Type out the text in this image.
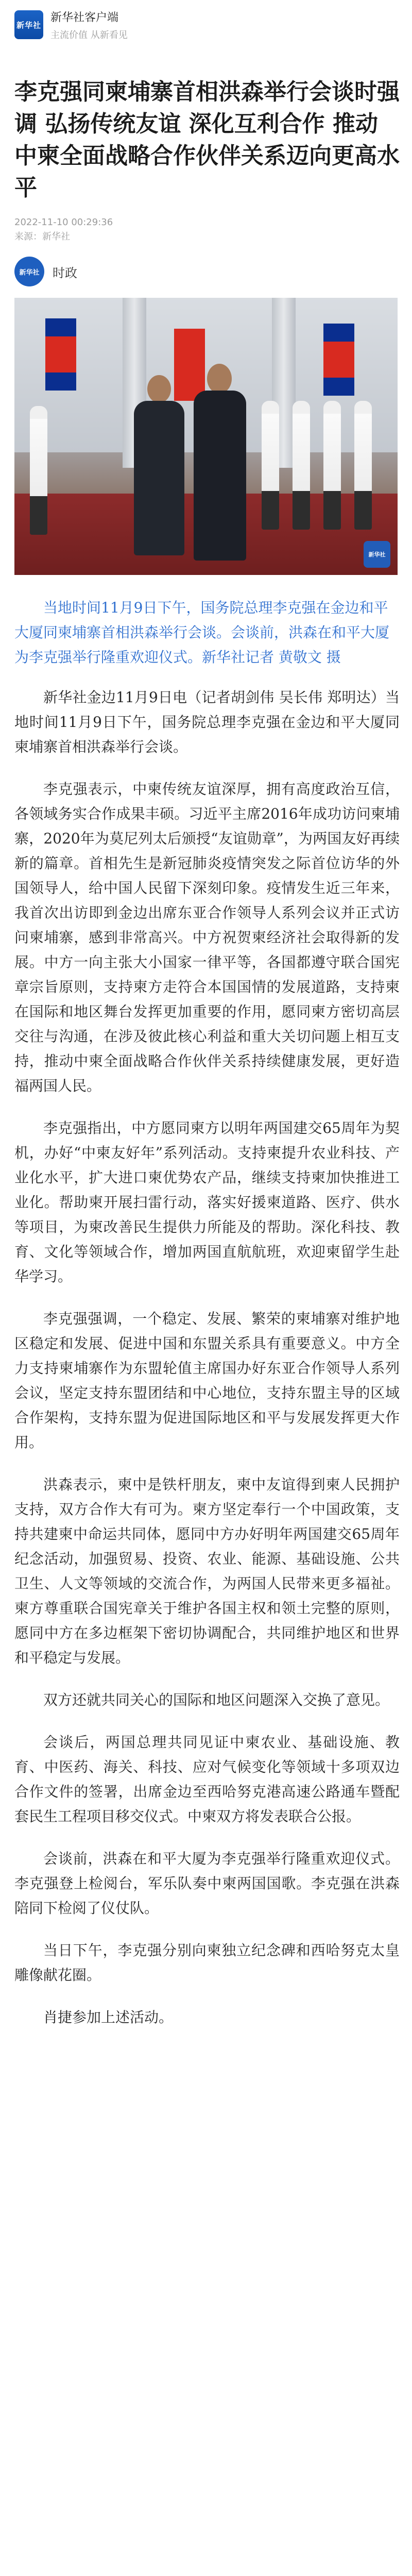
新华社
新华社客户端
主流价值 从新看见
李克强同柬埔寨首相洪森举行会谈时强调 弘扬传统友谊 深化互利合作 推动中柬全面战略合作伙伴关系迈向更高水平
2022-11-10 00:29:36
来源：新华社
新华社 时政
新华社
当地时间11月9日下午，国务院总理李克强在金边和平大厦同柬埔寨首相洪森举行会谈。会谈前，洪森在和平大厦为李克强举行隆重欢迎仪式。新华社记者 黄敬文 摄

新华社金边11月9日电（记者胡剑伟 吴长伟 郑明达）当地时间11月9日下午，国务院总理李克强在金边和平大厦同柬埔寨首相洪森举行会谈。

李克强表示，中柬传统友谊深厚，拥有高度政治互信，各领域务实合作成果丰硕。习近平主席2016年成功访问柬埔寨，2020年为莫尼列太后颁授“友谊勋章”，为两国友好再续新的篇章。首相先生是新冠肺炎疫情突发之际首位访华的外国领导人，给中国人民留下深刻印象。疫情发生近三年来，我首次出访即到金边出席东亚合作领导人系列会议并正式访问柬埔寨，感到非常高兴。中方祝贺柬经济社会取得新的发展。中方一向主张大小国家一律平等，各国都遵守联合国宪章宗旨原则，支持柬方走符合本国国情的发展道路，支持柬在国际和地区舞台发挥更加重要的作用，愿同柬方密切高层交往与沟通，在涉及彼此核心利益和重大关切问题上相互支持，推动中柬全面战略合作伙伴关系持续健康发展，更好造福两国人民。

李克强指出，中方愿同柬方以明年两国建交65周年为契机，办好“中柬友好年”系列活动。支持柬提升农业科技、产业化水平，扩大进口柬优势农产品，继续支持柬加快推进工业化。帮助柬开展扫雷行动，落实好援柬道路、医疗、供水等项目，为柬改善民生提供力所能及的帮助。深化科技、教育、文化等领域合作，增加两国直航航班，欢迎柬留学生赴华学习。

李克强强调，一个稳定、发展、繁荣的柬埔寨对维护地区稳定和发展、促进中国和东盟关系具有重要意义。中方全力支持柬埔寨作为东盟轮值主席国办好东亚合作领导人系列会议，坚定支持东盟团结和中心地位，支持东盟主导的区域合作架构，支持东盟为促进国际地区和平与发展发挥更大作用。

洪森表示，柬中是铁杆朋友，柬中友谊得到柬人民拥护支持，双方合作大有可为。柬方坚定奉行一个中国政策，支持共建柬中命运共同体，愿同中方办好明年两国建交65周年纪念活动，加强贸易、投资、农业、能源、基础设施、公共卫生、人文等领域的交流合作，为两国人民带来更多福祉。柬方尊重联合国宪章关于维护各国主权和领土完整的原则，愿同中方在多边框架下密切协调配合，共同维护地区和世界和平稳定与发展。

双方还就共同关心的国际和地区问题深入交换了意见。

会谈后，两国总理共同见证中柬农业、基础设施、教育、中医药、海关、科技、应对气候变化等领域十多项双边合作文件的签署，出席金边至西哈努克港高速公路通车暨配套民生工程项目移交仪式。中柬双方将发表联合公报。

会谈前，洪森在和平大厦为李克强举行隆重欢迎仪式。李克强登上检阅台，军乐队奏中柬两国国歌。李克强在洪森陪同下检阅了仪仗队。

当日下午，李克强分别向柬独立纪念碑和西哈努克太皇雕像献花圈。

肖捷参加上述活动。
